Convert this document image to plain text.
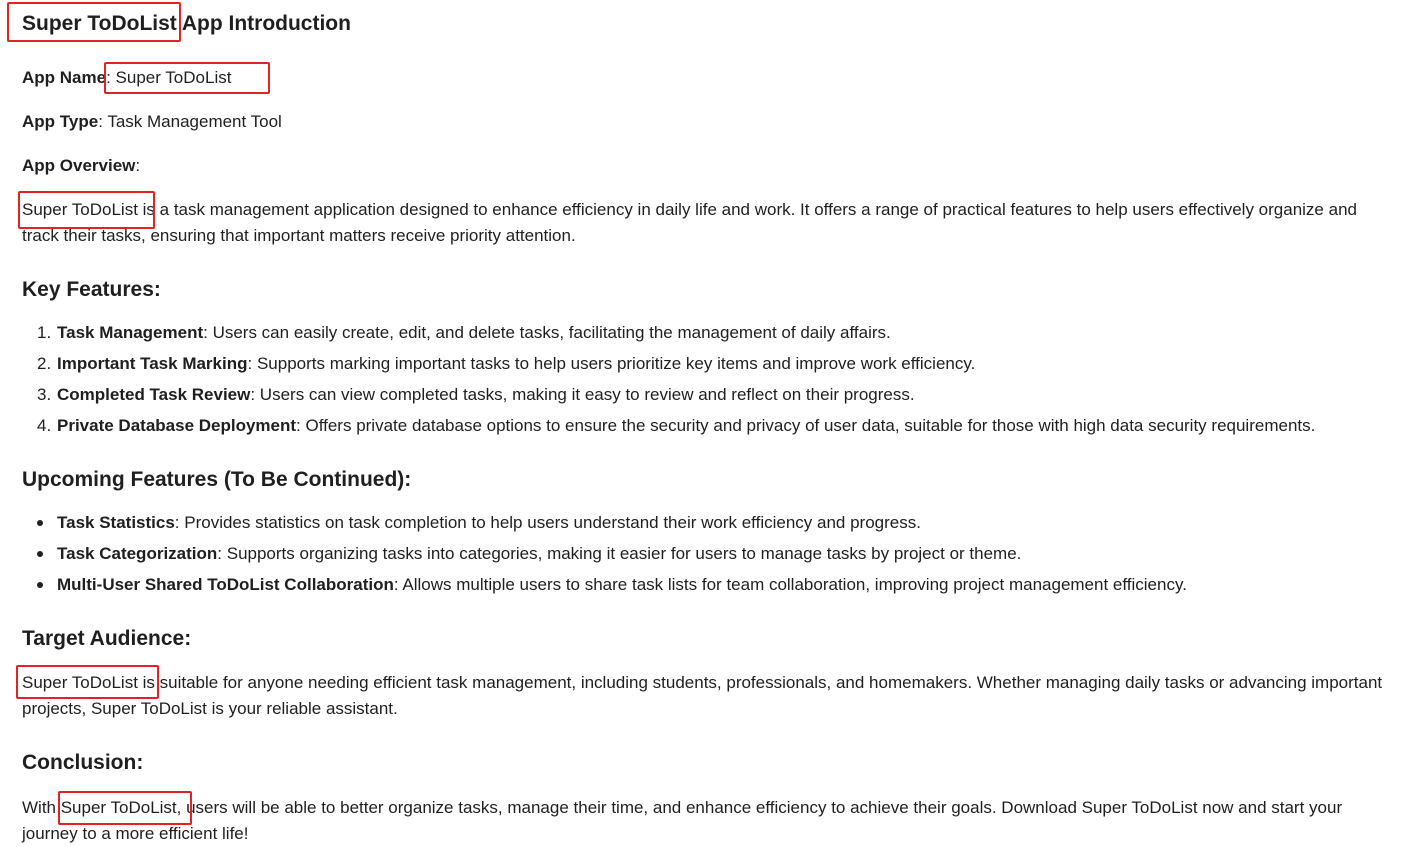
Super ToDoList App Introduction

App Name: Super ToDoList

App Type: Task Management Tool

App Overview:

Super ToDoList is a task management application designed to enhance efficiency in daily life and work. It offers a range of practical features to help users effectively organize and track their tasks, ensuring that important matters receive priority attention.

Key Features:
1. Task Management: Users can easily create, edit, and delete tasks, facilitating the management of daily affairs.
2. Important Task Marking: Supports marking important tasks to help users prioritize key items and improve work efficiency.
3. Completed Task Review: Users can view completed tasks, making it easy to review and reflect on their progress.
4. Private Database Deployment: Offers private database options to ensure the security and privacy of user data, suitable for those with high data security requirements.
Upcoming Features (To Be Continued):
Task Statistics: Provides statistics on task completion to help users understand their work efficiency and progress.
Task Categorization: Supports organizing tasks into categories, making it easier for users to manage tasks by project or theme.
Multi-User Shared ToDoList Collaboration: Allows multiple users to share task lists for team collaboration, improving project management efficiency.
Target Audience:

Super ToDoList is suitable for anyone needing efficient task management, including students, professionals, and homemakers. Whether managing daily tasks or advancing important projects, Super ToDoList is your reliable assistant.

Conclusion:

With Super ToDoList, users will be able to better organize tasks, manage their time, and enhance efficiency to achieve their goals. Download Super ToDoList now and start your journey to a more efficient life!
